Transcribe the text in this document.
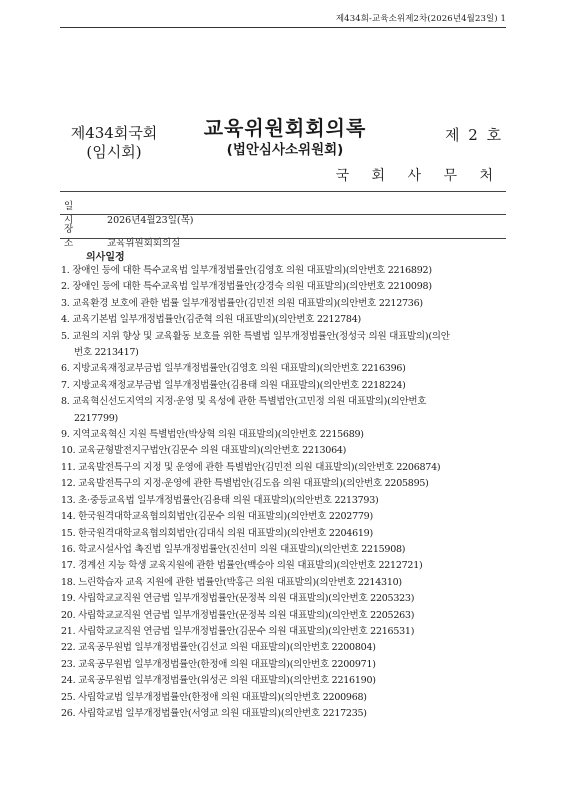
제434회-교육소위제2차(2026년4월23일) 1
제434회국회
(임시회)
교육위원회회의록
(법안심사소위원회)
제 2 호
국 회 사 무 처
일 시	2026년4월23일(목)
장 소	교육위원회회의실
의사일정
1. 장애인 등에 대한 특수교육법 일부개정법률안(김영호 의원 대표발의)(의안번호 2216892)
2. 장애인 등에 대한 특수교육법 일부개정법률안(강경숙 의원 대표발의)(의안번호 2210098)
3. 교육환경 보호에 관한 법률 일부개정법률안(김민전 의원 대표발의)(의안번호 2212736)
4. 교육기본법 일부개정법률안(김준혁 의원 대표발의)(의안번호 2212784)
5. 교원의 지위 향상 및 교육활동 보호를 위한 특별법 일부개정법률안(정성국 의원 대표발의)(의안
번호 2213417)
6. 지방교육재정교부금법 일부개정법률안(김영호 의원 대표발의)(의안번호 2216396)
7. 지방교육재정교부금법 일부개정법률안(김용태 의원 대표발의)(의안번호 2218224)
8. 교육혁신선도지역의 지정·운영 및 육성에 관한 특별법안(고민정 의원 대표발의)(의안번호
2217799)
9. 지역교육혁신 지원 특별법안(박상혁 의원 대표발의)(의안번호 2215689)
10. 교육균형발전지구법안(김문수 의원 대표발의)(의안번호 2213064)
11. 교육발전특구의 지정 및 운영에 관한 특별법안(김민전 의원 대표발의)(의안번호 2206874)
12. 교육발전특구의 지정·운영에 관한 특별법안(김도읍 의원 대표발의)(의안번호 2205895)
13. 초·중등교육법 일부개정법률안(김용태 의원 대표발의)(의안번호 2213793)
14. 한국원격대학교육협의회법안(김문수 의원 대표발의)(의안번호 2202779)
15. 한국원격대학교육협의회법안(김대식 의원 대표발의)(의안번호 2204619)
16. 학교시설사업 촉진법 일부개정법률안(진선미 의원 대표발의)(의안번호 2215908)
17. 경계선 지능 학생 교육지원에 관한 법률안(백승아 의원 대표발의)(의안번호 2212721)
18. 느린학습자 교육 지원에 관한 법률안(박홍근 의원 대표발의)(의안번호 2214310)
19. 사립학교교직원 연금법 일부개정법률안(문정복 의원 대표발의)(의안번호 2205323)
20. 사립학교교직원 연금법 일부개정법률안(문정복 의원 대표발의)(의안번호 2205263)
21. 사립학교교직원 연금법 일부개정법률안(김문수 의원 대표발의)(의안번호 2216531)
22. 교육공무원법 일부개정법률안(김선교 의원 대표발의)(의안번호 2200804)
23. 교육공무원법 일부개정법률안(한정애 의원 대표발의)(의안번호 2200971)
24. 교육공무원법 일부개정법률안(위성곤 의원 대표발의)(의안번호 2216190)
25. 사립학교법 일부개정법률안(한정애 의원 대표발의)(의안번호 2200968)
26. 사립학교법 일부개정법률안(서영교 의원 대표발의)(의안번호 2217235)
